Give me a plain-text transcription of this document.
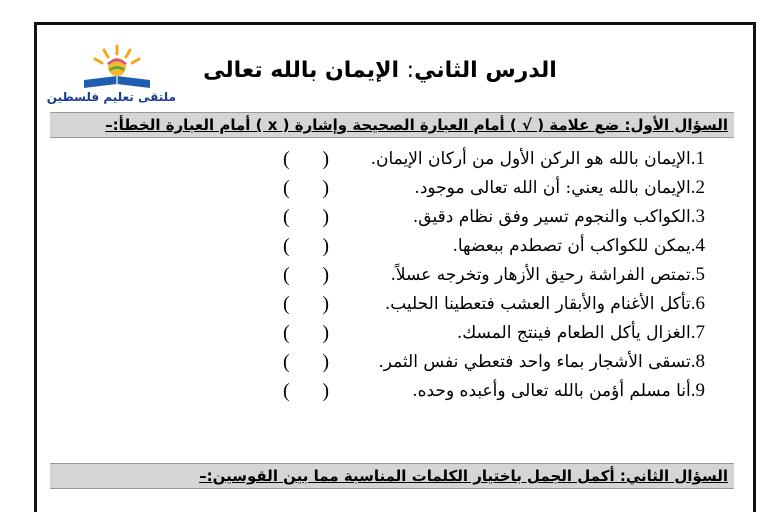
ملتقى تعليم فلسطين
الدرس الثاني: الإيمان بالله تعالى
السؤال الأول: ضع علامة ( √ ) أمام العبارة الصحيحة وإشارة ( x ) أمام العبارة الخطأ:–
1.الإيمان بالله هو الركن الأول من أركان الإيمان.
( )
2.الإيمان بالله يعني: أن الله تعالى موجود.
( )
3.الكواكب والنجوم تسير وفق نظام دقيق.
( )
4.يمكن للكواكب أن تصطدم ببعضها.
( )
5.تمتص الفراشة رحيق الأزهار وتخرجه عسلاً.
( )
6.تأكل الأغنام والأبقار العشب فتعطينا الحليب.
( )
7.الغزال يأكل الطعام فينتج المسك.
( )
8.تسقى الأشجار بماء واحد فتعطي نفس الثمر.
( )
9.أنا مسلم أؤمن بالله تعالى وأعبده وحده.
( )
السؤال الثاني: أكمل الجمل باختيار الكلمات المناسبة مما بين القوسين:–
